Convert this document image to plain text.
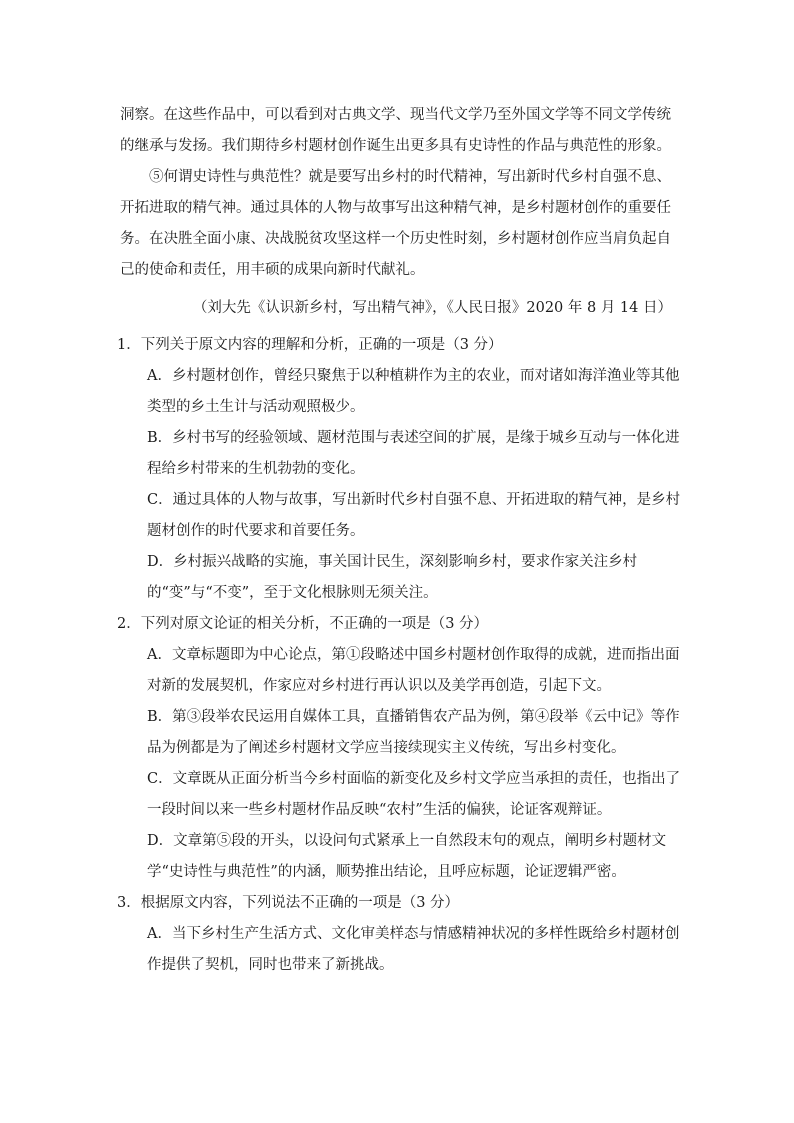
洞察。在这些作品中，可以看到对古典文学、现当代文学乃至外国文学等不同文学传统的继承与发扬。我们期待乡村题材创作诞生出更多具有史诗性的作品与典范性的形象。

⑤何谓史诗性与典范性？就是要写出乡村的时代精神，写出新时代乡村自强不息、开拓进取的精气神。通过具体的人物与故事写出这种精气神，是乡村题材创作的重要任务。在决胜全面小康、决战脱贫攻坚这样一个历史性时刻，乡村题材创作应当肩负起自己的使命和责任，用丰硕的成果向新时代献礼。

（刘大先《认识新乡村，写出精气神》，《人民日报》2020 年 8 月 14 日）

1．下列关于原文内容的理解和分析，正确的一项是（3 分）

A．乡村题材创作，曾经只聚焦于以种植耕作为主的农业，而对诸如海洋渔业等其他类型的乡土生计与活动观照极少。

B．乡村书写的经验领域、题材范围与表述空间的扩展，是缘于城乡互动与一体化进程给乡村带来的生机勃勃的变化。

C．通过具体的人物与故事，写出新时代乡村自强不息、开拓进取的精气神，是乡村题材创作的时代要求和首要任务。

D．乡村振兴战略的实施，事关国计民生，深刻影响乡村，要求作家关注乡村的“变”与“不变”，至于文化根脉则无须关注。

2．下列对原文论证的相关分析，不正确的一项是（3 分）

A．文章标题即为中心论点，第①段略述中国乡村题材创作取得的成就，进而指出面对新的发展契机，作家应对乡村进行再认识以及美学再创造，引起下文。

B．第③段举农民运用自媒体工具，直播销售农产品为例，第④段举《云中记》等作品为例都是为了阐述乡村题材文学应当接续现实主义传统，写出乡村变化。

C．文章既从正面分析当今乡村面临的新变化及乡村文学应当承担的责任，也指出了一段时间以来一些乡村题材作品反映“农村”生活的偏狭，论证客观辩证。

D．文章第⑤段的开头，以设问句式紧承上一自然段末句的观点，阐明乡村题材文学“史诗性与典范性”的内涵，顺势推出结论，且呼应标题，论证逻辑严密。

3．根据原文内容，下列说法不正确的一项是（3 分）

A．当下乡村生产生活方式、文化审美样态与情感精神状况的多样性既给乡村题材创作提供了契机，同时也带来了新挑战。
